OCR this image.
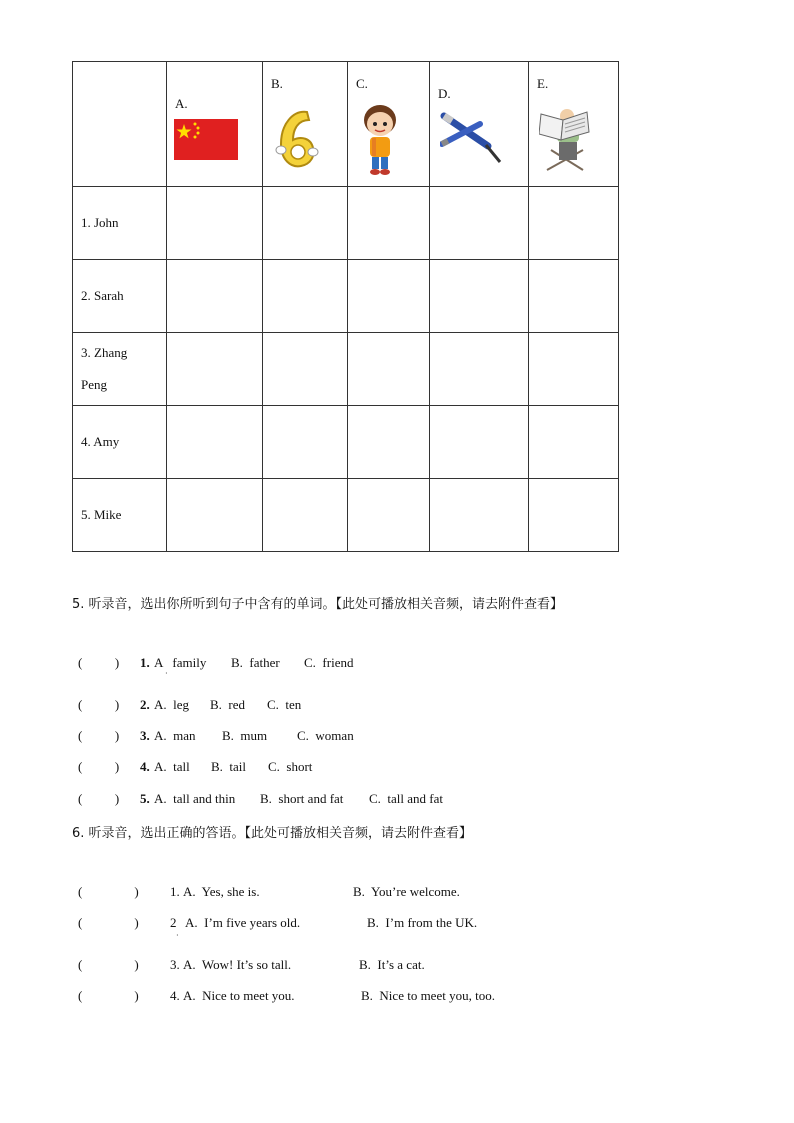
	A.	B.	C.	D.	E.

1. John					
2. Sarah					
3. Zhang
Peng					
4. Amy					
5. Mike					
5. 听录音，选出你所听到句子中含有的单词。【此处可播放相关音频，请去附件查看】
(          ) 1. A   family
·
B.  father C.  friend
(          ) 2. A.  leg B.  red C.  ten
(          ) 3. A.  man B.  mum C.  woman
(          ) 4. A.  tall B.  tail C.  short
(          ) 5. A.  tall and thin B.  short and fat C.  tall and fat
6. 听录音，选出正确的答语。【此处可播放相关音频，请去附件查看】
(                ) 1. A.  Yes, she is.	B.  You’re welcome.
(                ) 2
·
A.  I’m five years old.	B.  I’m from the UK.
(                ) 3. A.  Wow! It’s so tall.	B.  It’s a cat.
(                ) 4. A.  Nice to meet you.	B.  Nice to meet you, too.
